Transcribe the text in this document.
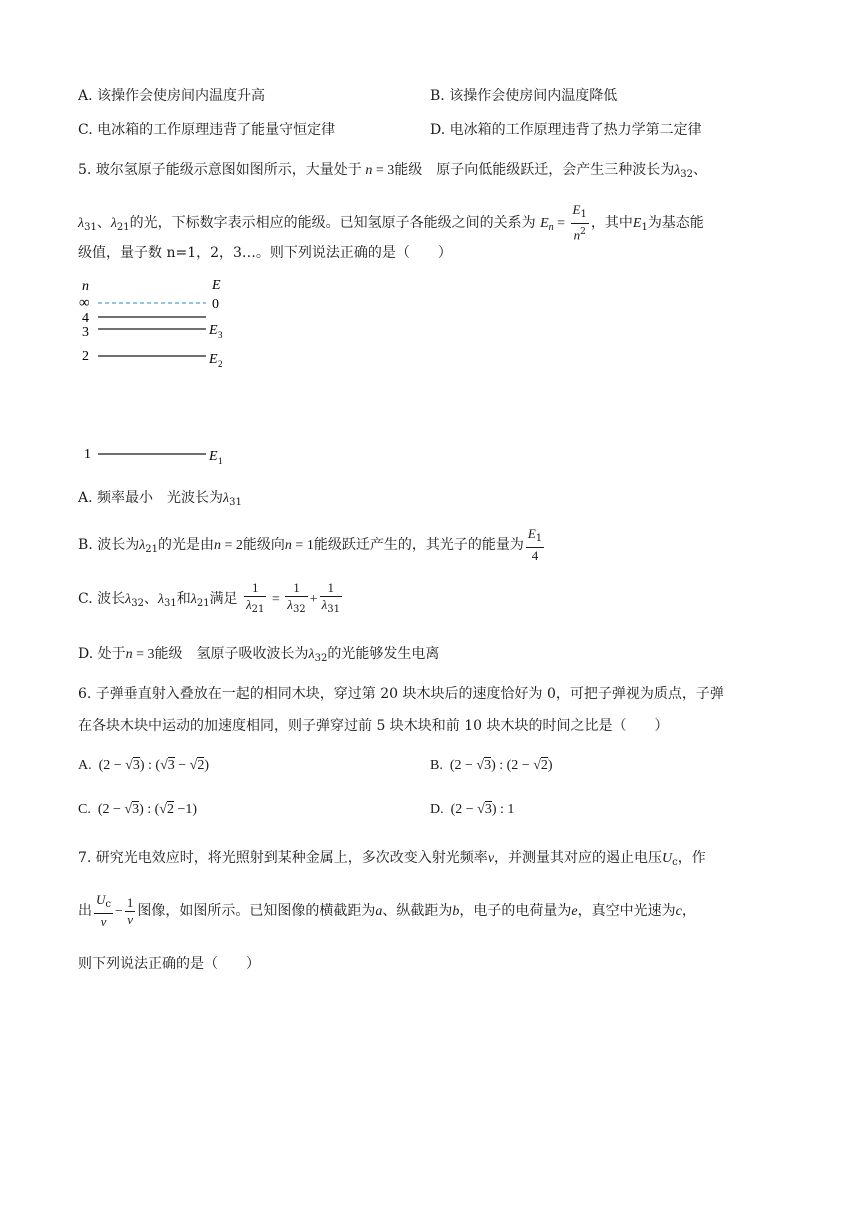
A. 该操作会使房间内温度升高	B. 该操作会使房间内温度降低
C. 电冰箱的工作原理违背了能量守恒定律	D. 电冰箱的工作原理违背了热力学第二定律
5. 玻尔氢原子能级示意图如图所示，大量处于 n = 3能级　原子向低能级跃迁，会产生三种波长为$\lambda_{32}$、
$\lambda_{31}$、$\lambda_{21}$的光，下标数字表示相应的能级。已知氢原子各能级之间的关系为 $E_n = \frac{E_1}{n^2}$ ，其中$E_1$为基态能
级值，量子数 n=1，2，3…。则下列说法正确的是（　　）
n	E
∞	0
4
3	E 3
2	E 2
1	E 1
A. 频率最小　光波长为$\lambda_{31}$
B. 波长为$\lambda_{21}$的光是由n = 2能级向n = 1能级跃迁产生的，其光子的能量为 $\frac{E_1}{4}$
C. 波长$\lambda_{32}$、$\lambda_{31}$和$\lambda_{21}$满足 $\frac{1}{\lambda_{21}} = \frac{1}{\lambda_{32}} + \frac{1}{\lambda_{31}}$
D. 处于n = 3能级　氢原子吸收波长为$\lambda_{32}$的光能够发生电离
6. 子弹垂直射入叠放在一起的相同木块，穿过第 20 块木块后的速度恰好为 0，可把子弹视为质点，子弹
在各块木块中运动的加速度相同，则子弹穿过前 5 块木块和前 10 块木块的时间之比是（　　）
A.  (2 − √3) : (√3 − √2)	B.  (2 − √3) : (2 − √2)
C.  (2 − √3) : (√2 −1)	D.  (2 − √3) : 1
7. 研究光电效应时，将光照射到某种金属上，多次改变入射光频率ν，并测量其对应的遏止电压$U_c$，作
出 $\frac{U_c}{\nu} - \frac{1}{\nu}$ 图像，如图所示。已知图像的横截距为a、纵截距为b，电子的电荷量为e，真空中光速为c，
则下列说法正确的是（　　）
